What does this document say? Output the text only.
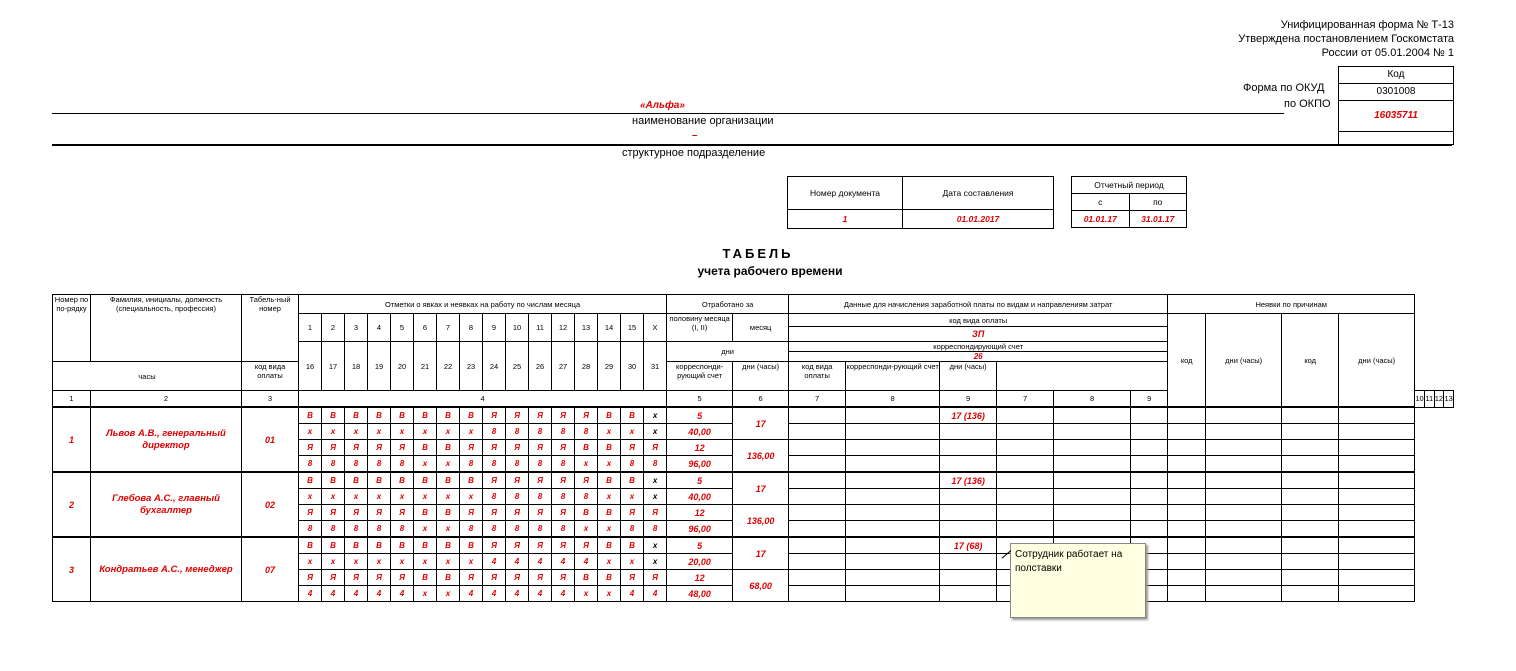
Унифицированная форма № Т-13
Утверждена постановлением Госкомстата
России от 05.01.2004 № 1
Код
0301008
16035711
Форма по ОКУД
по ОКПО
«Альфа»
наименование организации
–
структурное подразделение
Номер документа	Дата составления
1	01.01.2017
Отчетный период	
с	по
01.01.17	31.01.17
ТАБЕЛЬ
учета рабочего времени
Номер по по-рядку	Фамилия, инициалы, должность (специальность, профессия)	Табель-ный номер	Отметки о явках и неявках на работу по числам месяца																Отработано за		Данные для начисления заработной платы по видам и направлениям затрат						Неявки по причинам							
			1	2	3	4	5	6	7	8	9	10	11	12	13	14	15	X	половину месяца (I, II)	месяц	код вида оплаты						код	дни (часы)	код	дни (часы)				
																					ЗП													
			16	17	18	19	20	21	22	23	24	25	26	27	28	29	30	31	дни		корреспондирующий счет
26													

часы		код вида оплаты																	корреспонди-рующий счет	дни (часы)	код вида оплаты	корреспонди-рующий счет	дни (часы)											
1	2	3	4																5	6	7	8	9	7	8	9					10	11	12	13
1	Львов А.В., генеральный директор	01	В	В	В	В	В	В	В	В	Я	Я	Я	Я	Я	В	В	х	5	17			17 (136)											
			х	х	х	х	х	х	х	х	8	8	8	8	8	х	х	х	40,00															
			Я	Я	Я	Я	Я	В	В	Я	Я	Я	Я	Я	В	В	Я	Я	12	136,00														
			8	8	8	8	8	х	х	8	8	8	8	8	х	х	8	8	96,00															
2	Глебова А.С., главный бухгалтер	02	В	В	В	В	В	В	В	В	Я	Я	Я	Я	Я	В	В	х	5	17			17 (136)											
			х	х	х	х	х	х	х	х	8	8	8	8	8	х	х	х	40,00															
			Я	Я	Я	Я	Я	В	В	Я	Я	Я	Я	Я	В	В	Я	Я	12	136,00														
			8	8	8	8	8	х	х	8	8	8	8	8	х	х	8	8	96,00															
3	Кондратьев А.С., менеджер	07	В	В	В	В	В	В	В	В	Я	Я	Я	Я	Я	В	В	х	5	17			17 (68)											
			х	х	х	х	х	х	х	х	4	4	4	4	4	х	х	х	20,00															
			Я	Я	Я	Я	Я	В	В	Я	Я	Я	Я	Я	В	В	Я	Я	12	68,00														
			4	4	4	4	4	х	х	4	4	4	4	4	х	х	4	4	48,00															
Сотрудник работает на полставки
